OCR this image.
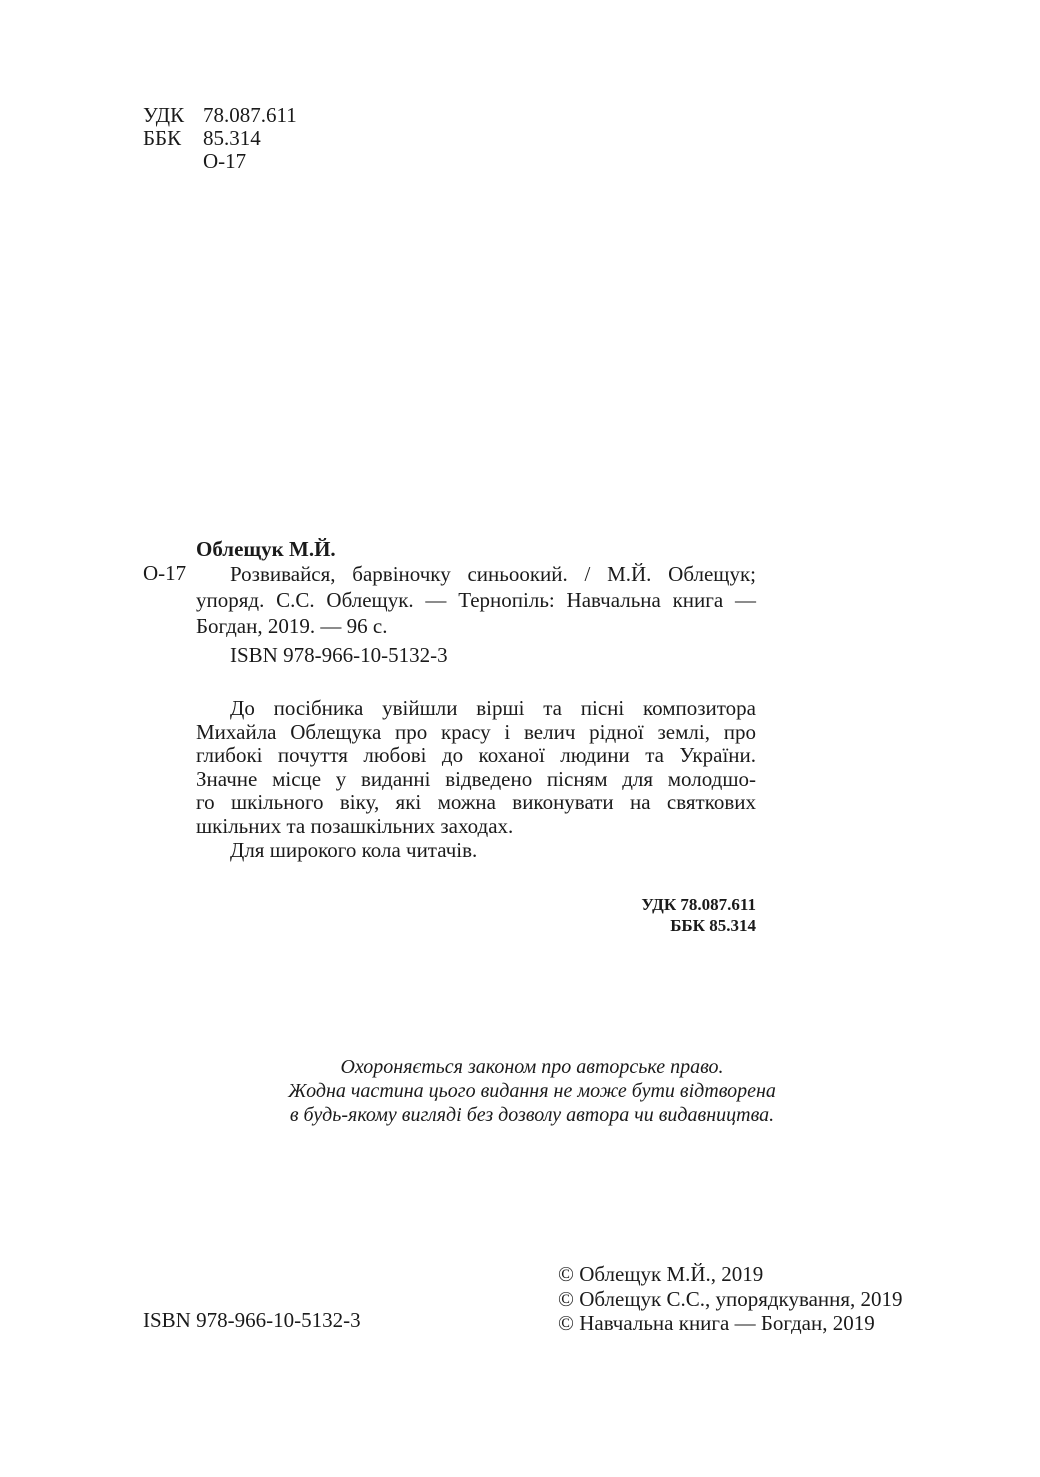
УДК 78.087.611
ББК 85.314
О-17
Облещук М.Й.
О-17	Розвивайся, барвіночку синьоокий. / М.Й. Облещук;
упоряд. С.С. Облещук. — Тернопіль: Навчальна книга —
Богдан, 2019. — 96 с.
ISBN 978-966-10-5132-3
До посібника увійшли вірші та пісні композитора
Михайла Облещука про красу і велич рідної землі, про
глибокі почуття любові до коханої людини та України.
Значне місце у виданні відведено пісням для молодшо-
го шкільного віку, які можна виконувати на святкових
шкільних та позашкільних заходах.
Для широкого кола читачів.
УДК 78.087.611
ББК 85.314
Охороняється законом про авторське право.
Жодна частина цього видання не може бути відтворена
в будь-якому вигляді без дозволу автора чи видавництва.
ISBN 978-966-10-5132-3
© Облещук М.Й., 2019
© Облещук С.С., упорядкування, 2019
© Навчальна книга — Богдан, 2019
